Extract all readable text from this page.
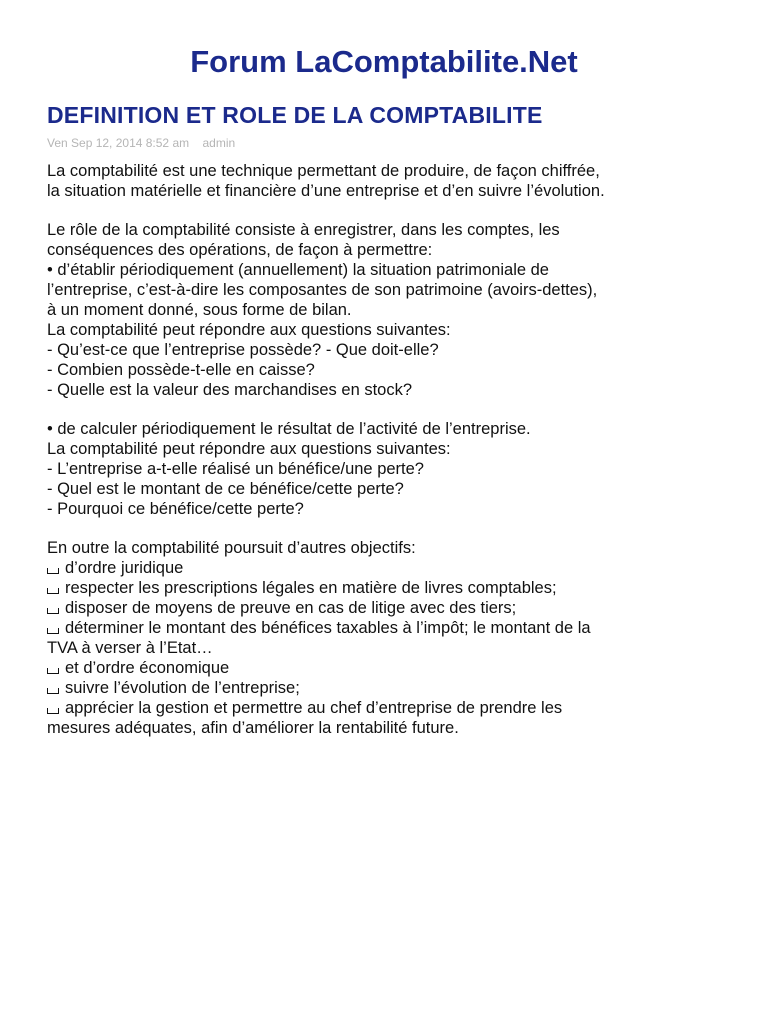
Forum LaComptabilite.Net
DEFINITION ET ROLE DE LA COMPTABILITE
Ven Sep 12, 2014 8:52 am admin
La comptabilité est une technique permettant de produire, de façon chiffrée,
la situation matérielle et financière d’une entreprise et d’en suivre l’évolution.
Le rôle de la comptabilité consiste à enregistrer, dans les comptes, les
conséquences des opérations, de façon à permettre:
• d’établir périodiquement (annuellement) la situation patrimoniale de
l’entreprise, c’est-à-dire les composantes de son patrimoine (avoirs-dettes),
à un moment donné, sous forme de bilan.
La comptabilité peut répondre aux questions suivantes:
- Qu’est-ce que l’entreprise possède? - Que doit-elle?
- Combien possède-t-elle en caisse?
- Quelle est la valeur des marchandises en stock?
• de calculer périodiquement le résultat de l’activité de l’entreprise.
La comptabilité peut répondre aux questions suivantes:
- L’entreprise a-t-elle réalisé un bénéfice/une perte?
- Quel est le montant de ce bénéfice/cette perte?
- Pourquoi ce bénéfice/cette perte?
En outre la comptabilité poursuit d’autres objectifs:
d’ordre juridique
respecter les prescriptions légales en matière de livres comptables;
disposer de moyens de preuve en cas de litige avec des tiers;
déterminer le montant des bénéfices taxables à l’impôt; le montant de la
TVA à verser à l’Etat…
et d’ordre économique
suivre l’évolution de l’entreprise;
apprécier la gestion et permettre au chef d’entreprise de prendre les
mesures adéquates, afin d’améliorer la rentabilité future.
